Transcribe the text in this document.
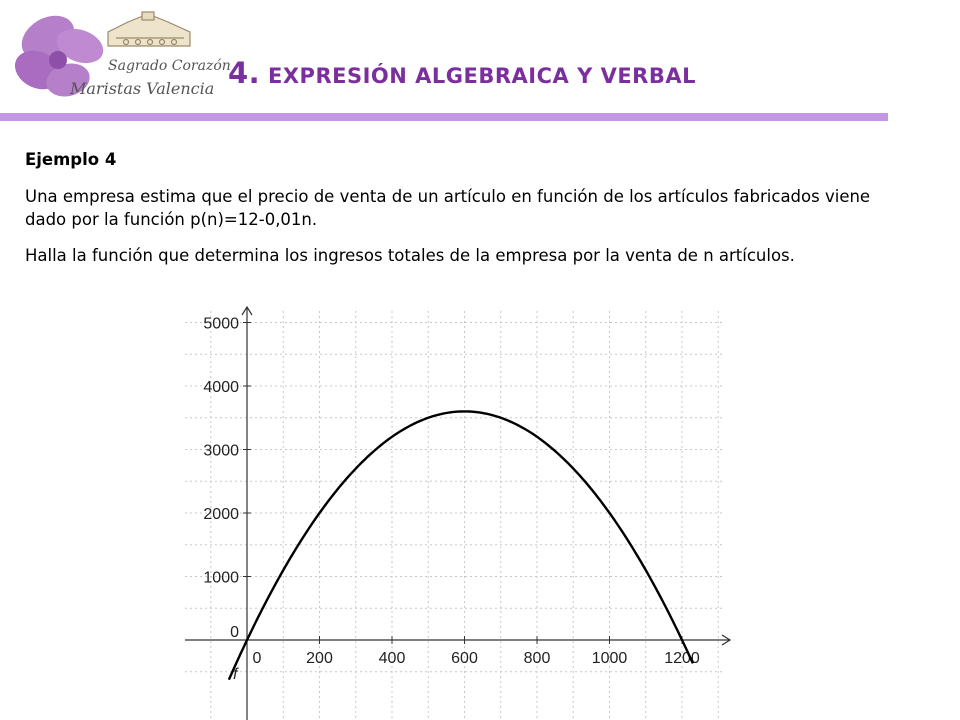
Sagrado Corazón
Maristas Valencia 4. EXPRESIÓN ALGEBRAICA Y VERBAL

Ejemplo 4

Una empresa estima que el precio de venta de un artículo en función de los artículos fabricados viene dado por la función p(n)=12-0,01n.

Halla la función que determina los ingresos totales de la empresa por la venta de n artículos.

0	200	400	600	800	1000 1200
0
1000
2000
3000
4000
5000
f
